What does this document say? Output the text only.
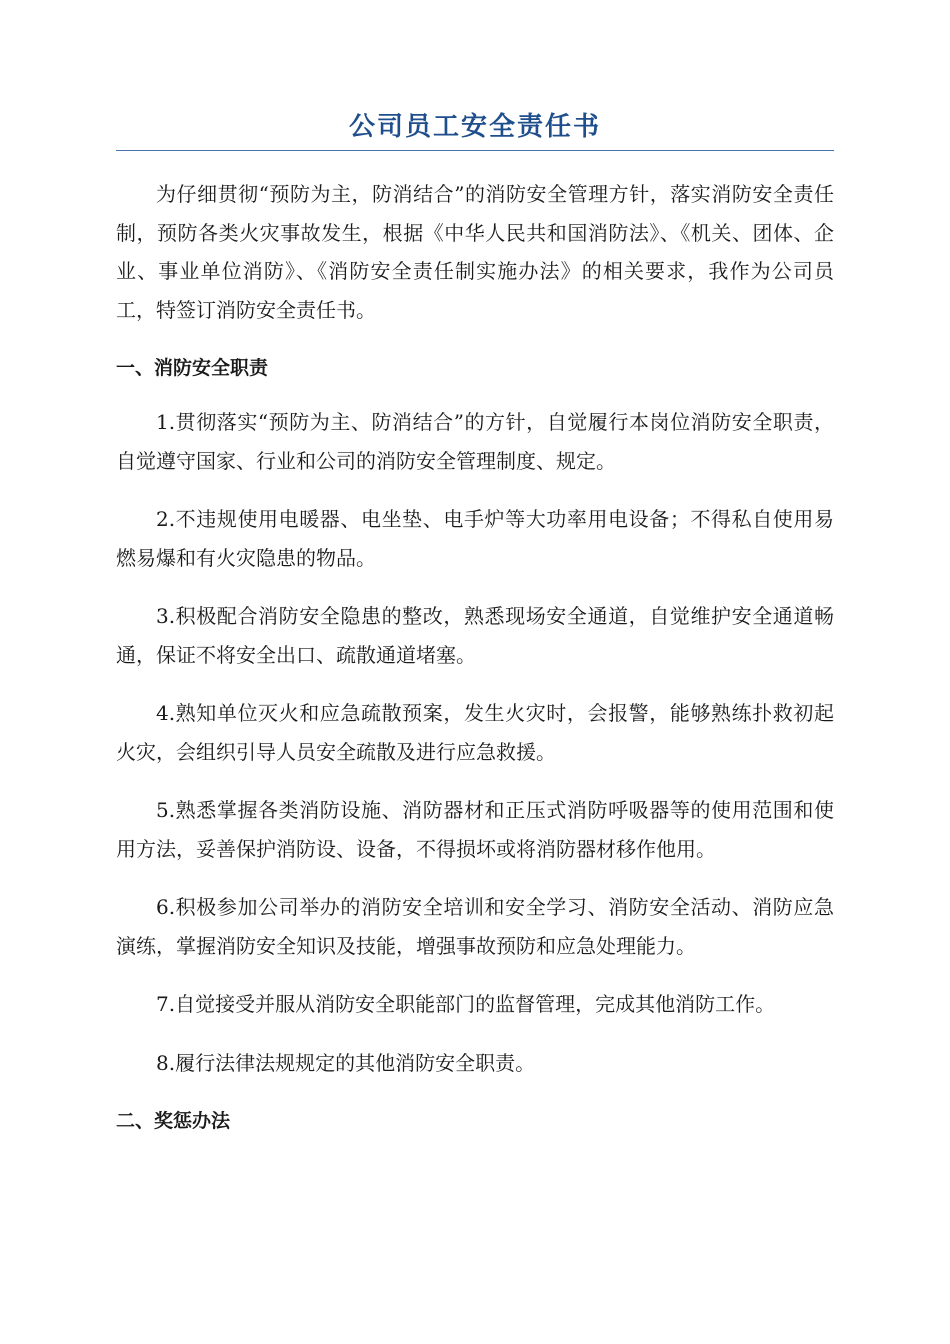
公司员工安全责任书

为仔细贯彻“预防为主，防消结合”的消防安全管理方针，落实消防安全责任制，预防各类火灾事故发生，根据《中华人民共和国消防法》、《机关、团体、企业、事业单位消防》、《消防安全责任制实施办法》的相关要求，我作为公司员工，特签订消防安全责任书。

一、消防安全职责

1.贯彻落实“预防为主、防消结合”的方针，自觉履行本岗位消防安全职责，自觉遵守国家、行业和公司的消防安全管理制度、规定。

2.不违规使用电暖器、电坐垫、电手炉等大功率用电设备；不得私自使用易燃易爆和有火灾隐患的物品。

3.积极配合消防安全隐患的整改，熟悉现场安全通道，自觉维护安全通道畅通，保证不将安全出口、疏散通道堵塞。

4.熟知单位灭火和应急疏散预案，发生火灾时，会报警，能够熟练扑救初起火灾，会组织引导人员安全疏散及进行应急救援。

5.熟悉掌握各类消防设施、消防器材和正压式消防呼吸器等的使用范围和使用方法，妥善保护消防设、设备，不得损坏或将消防器材移作他用。

6.积极参加公司举办的消防安全培训和安全学习、消防安全活动、消防应急演练，掌握消防安全知识及技能，增强事故预防和应急处理能力。

7.自觉接受并服从消防安全职能部门的监督管理，完成其他消防工作。

8.履行法律法规规定的其他消防安全职责。

二、奖惩办法
